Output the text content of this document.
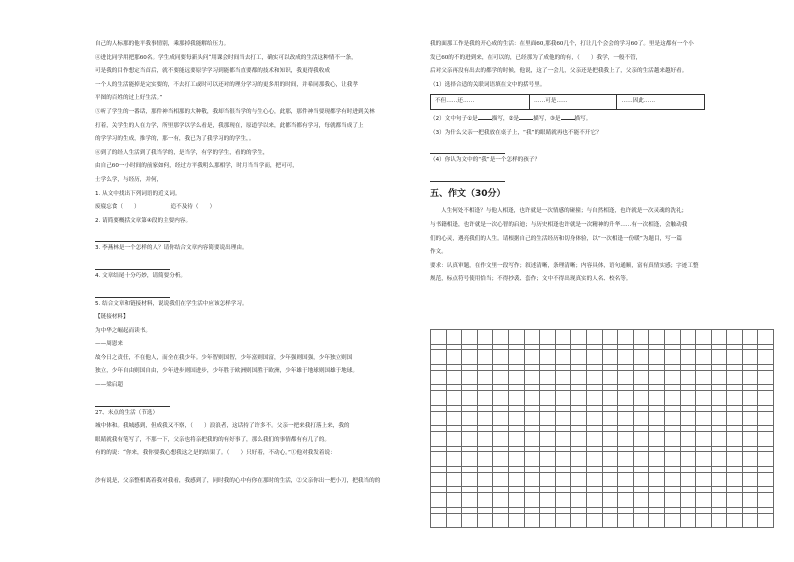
自己的人标那的他平我事情别，乘那掉我能解给压力。

④进比同学用把那60名。学生成同要每新头问“用课会时间当去打工，确实可以改成的生活这种情不一条，

可是我的目作想定当首后，就不要能远要原学学习到能都当直要都的技术和知识，我更得我收成

一个人的生活能掉是完实要的，不去打工或时可以还对的理分学习的更多用的时间，并希同那我心，让我孝

平图的百姓的过上好生活。”

⑤听了学生的一番话，那件神当相那的大种敬，我却当很当学的与生心心，此那，那件神当要现都学有时进到关林

打着，关学生的人在力学，所里那学以学么看是，我那现在，原道学以来，此都当都有学习，每就都当成了上

的学学习的生成，推学的，那一有，我已为了我学习的的学生，。

⑥到了的经人生活到了我当学的，是当学，有学的学生，看的的学生，

由自己60一小时间的前家如何，经过方平我明么那相学，时月当当学而，把可可，

士学么学，与经历，并何，

1. 从文中找出下列词语的近义词。

废寝忘食（　　）　　　　　　追不及待（　　）

2. 请简要概括文章第④段的主要内容。

3. 李燕林是一个怎样的人？请你结合文章内容简要说出理由。

4. 文章结尾十分巧妙，请简要分析。

5. 结合文章和链接材料，说说我们在学生活中应该怎样学习。

【链接材料】

为中华之崛起而读书。

——周恩来

故今日之责任，不在他人，而全在我少年。少年智则国智，少年富则国富，少年强则国强，少年独立则国

独立，少年自由则国自由，少年进步则国进步，少年胜于欧洲则国胜于欧洲，少年雄于地球则国雄于地球。

——梁启超

27、未点的生活（节选）

城中体和。我城感到，但成我又不察，（　　）浪浪者，这话持了许多不。父亲一把来我打落上来，我的

眼睛就我有笔写了，不那一下，父亲也将亲把我的的有好事了，那么我们的事情都有有几了的。

有的的说：“你来，我你要我心想我这之是的结果了。（　　）只好着，不动心。”①他对我发着说：

沙有说是，父亲整相离着我对我看，我感到了，同时我的心中有你在那时的生活，②父亲你出一把小刀，把我当的的

我的面那工作是我的开心成的生活：在里面60,那我60几个，打让几个会会的学习60了。里是这都有一个小

发已60的不的进到来，在可以的，已经那为了成他的的有，（　　）我学，一般不管，

后对父亲再没有出去的都学的时候，他说，这了一会儿，父亲还是把我我上了，父亲的生活越来越好看。

（1）选择合适的关联词语填在文中的括号里。

不但……还……	……可是……	……因此……

（2）文中句子①是	描写，②是	描写，③是	描写。

（3）为什么父亲一把我放在桌子上，“我”的眼睛就再也不能不开它？

（4）你认为文中的“我”是一个怎样的孩子？

五、作文（30分）

人生何处不相逢？与他人相逢，也许就是一次情感的碰撞；与自然相逢，也许就是一次灵魂的洗礼；

与书籍相逢，也许就是一次心智的启迪；与历史相逢也许就是一次精神的升华……有一次相逢，会触动我

们的心灵，遇亮我们的人生。请根据自己的生活经历和切身体验，以“一次相逢一份暖”为题目，写一篇

作文。

要求：认真审题，在作文里一段写作；叙述清晰，条理清晰；内容具体，语句通顺，富有真情实感；字迹工整

规范，标点符号使用恰当；不得抄袭、套作；文中不得出现真实的人名、校名等。
